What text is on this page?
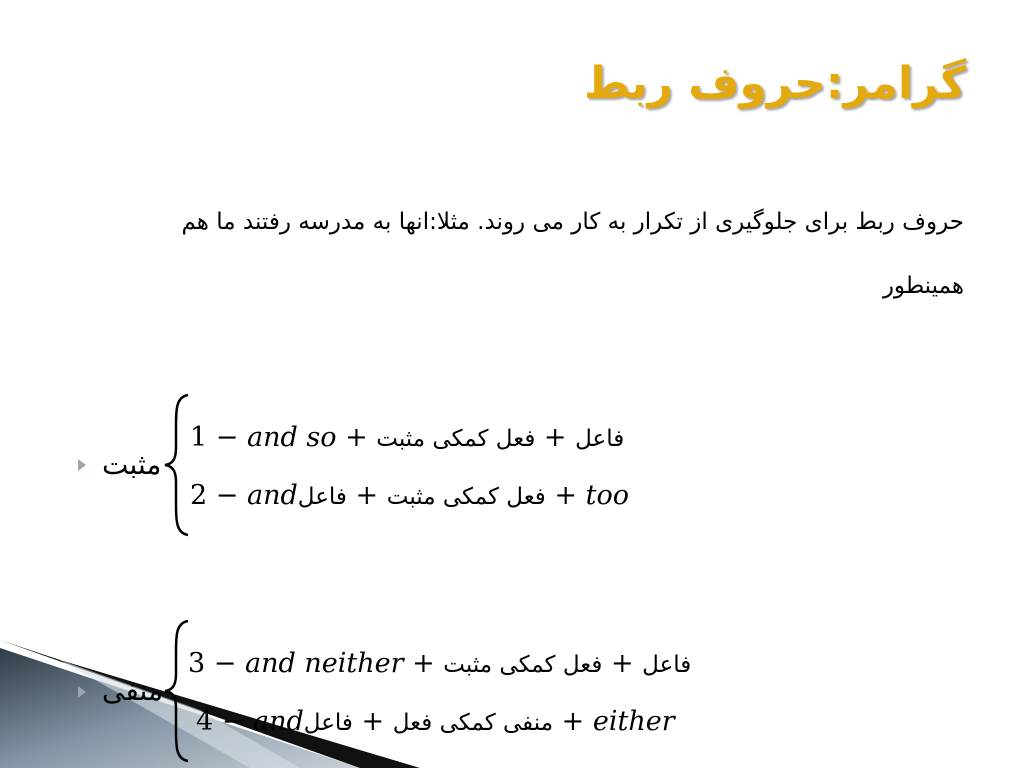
گرامر:حروف ربط
حروف ربط برای جلوگیری از تکرار به کار می روند. مثلا:انها به مدرسه رفتند ما هم همینطور
مثبت
1 − and so + فعل کمکی مثبت + فاعل
2 − andفاعل + فعل کمکی مثبت + too
منفی
3 − and neither + فعل کمکی مثبت + فاعل
4 − andفاعل + منفی کمکی فعل + either
